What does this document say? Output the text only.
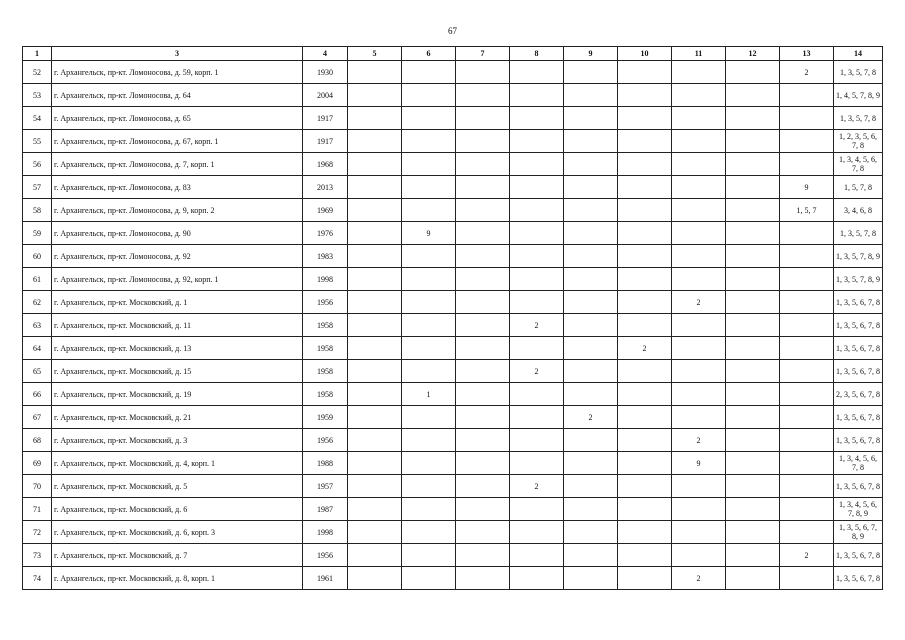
67
1	3	4	5	6	7	8	9	10	11	12	13	14
52	г. Архангельск, пр-кт. Ломоносова, д. 59, корп. 1	1930									2	1, 3, 5, 7, 8
53	г. Архангельск, пр-кт. Ломоносова, д. 64	2004										1, 4, 5, 7, 8, 9
54	г. Архангельск, пр-кт. Ломоносова, д. 65	1917										1, 3, 5, 7, 8
55	г. Архангельск, пр-кт. Ломоносова, д. 67, корп. 1	1917										1, 2, 3, 5, 6, 7, 8
56	г. Архангельск, пр-кт. Ломоносова, д. 7, корп. 1	1968										1, 3, 4, 5, 6, 7, 8
57	г. Архангельск, пр-кт. Ломоносова, д. 83	2013									9	1, 5, 7, 8
58	г. Архангельск, пр-кт. Ломоносова, д. 9, корп. 2	1969									1, 5, 7	3, 4, 6, 8
59	г. Архангельск, пр-кт. Ломоносова, д. 90	1976		9								1, 3, 5, 7, 8
60	г. Архангельск, пр-кт. Ломоносова, д. 92	1983										1, 3, 5, 7, 8, 9
61	г. Архангельск, пр-кт. Ломоносова, д. 92, корп. 1	1998										1, 3, 5, 7, 8, 9
62	г. Архангельск, пр-кт. Московский, д. 1	1956							2			1, 3, 5, 6, 7, 8
63	г. Архангельск, пр-кт. Московский, д. 11	1958				2						1, 3, 5, 6, 7, 8
64	г. Архангельск, пр-кт. Московский, д. 13	1958						2				1, 3, 5, 6, 7, 8
65	г. Архангельск, пр-кт. Московский, д. 15	1958				2						1, 3, 5, 6, 7, 8
66	г. Архангельск, пр-кт. Московский, д. 19	1958		1								2, 3, 5, 6, 7, 8
67	г. Архангельск, пр-кт. Московский, д. 21	1959					2					1, 3, 5, 6, 7, 8
68	г. Архангельск, пр-кт. Московский, д. 3	1956							2			1, 3, 5, 6, 7, 8
69	г. Архангельск, пр-кт. Московский, д. 4, корп. 1	1988							9			1, 3, 4, 5, 6, 7, 8
70	г. Архангельск, пр-кт. Московский, д. 5	1957				2						1, 3, 5, 6, 7, 8
71	г. Архангельск, пр-кт. Московский, д. 6	1987										1, 3, 4, 5, 6, 7, 8, 9
72	г. Архангельск, пр-кт. Московский, д. 6, корп. 3	1998										1, 3, 5, 6, 7, 8, 9
73	г. Архангельск, пр-кт. Московский, д. 7	1956									2	1, 3, 5, 6, 7, 8
74	г. Архангельск, пр-кт. Московский, д. 8, корп. 1	1961							2			1, 3, 5, 6, 7, 8
